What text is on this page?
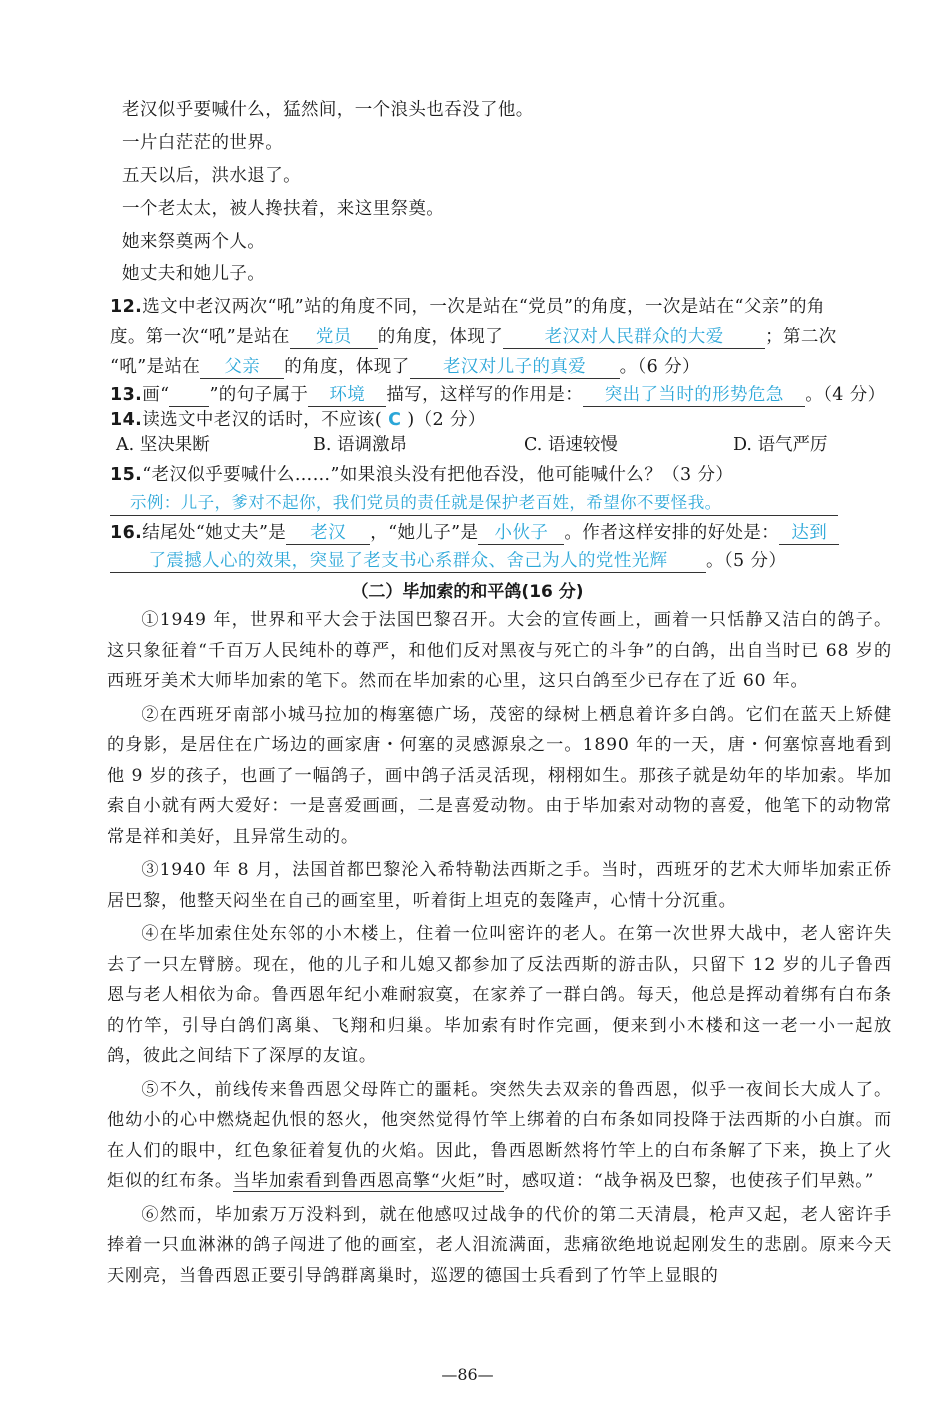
老汉似乎要喊什么，猛然间，一个浪头也吞没了他。
一片白茫茫的世界。
五天以后，洪水退了。
一个老太太，被人搀扶着，来这里祭奠。
她来祭奠两个人。
她丈夫和她儿子。
12.选文中老汉两次“吼”站的角度不同，一次是站在“党员”的角度，一次是站在“父亲”的角
度。第一次“吼”是站在 党员 的角度，体现了 老汉对人民群众的大爱 ；第二次
“吼”是站在 父亲 的角度，体现了 老汉对儿子的真爱 。（6 分）
13.画“ ”的句子属于 环境 描写，这样写的作用是： 突出了当时的形势危急 。（4 分）
14.读选文中老汉的话时，不应该( C )（2 分）
A. 坚决果断	B. 语调激昂	C. 语速较慢	D. 语气严厉
15.“老汉似乎要喊什么……”如果浪头没有把他吞没，他可能喊什么？（3 分）
示例：儿子，爹对不起你，我们党员的责任就是保护老百姓，希望你不要怪我。
16.结尾处“她丈夫”是 老汉 ，“她儿子”是 小伙子 。作者这样安排的好处是： 达到
了震撼人心的效果，突显了老支书心系群众、舍己为人的党性光辉 。（5 分）
（二）毕加索的和平鸽(16 分)

①1949 年，世界和平大会于法国巴黎召开。大会的宣传画上，画着一只恬静又洁白的鸽子。这只象征着“千百万人民纯朴的尊严，和他们反对黑夜与死亡的斗争”的白鸽，出自当时已 68 岁的西班牙美术大师毕加索的笔下。然而在毕加索的心里，这只白鸽至少已存在了近 60 年。

②在西班牙南部小城马拉加的梅塞德广场，茂密的绿树上栖息着许多白鸽。它们在蓝天上矫健的身影，是居住在广场边的画家唐・何塞的灵感源泉之一。1890 年的一天，唐・何塞惊喜地看到他 9 岁的孩子，也画了一幅鸽子，画中鸽子活灵活现，栩栩如生。那孩子就是幼年的毕加索。毕加索自小就有两大爱好：一是喜爱画画，二是喜爱动物。由于毕加索对动物的喜爱，他笔下的动物常常是祥和美好，且异常生动的。

③1940 年 8 月，法国首都巴黎沦入希特勒法西斯之手。当时，西班牙的艺术大师毕加索正侨居巴黎，他整天闷坐在自己的画室里，听着街上坦克的轰隆声，心情十分沉重。

④在毕加索住处东邻的小木楼上，住着一位叫密许的老人。在第一次世界大战中，老人密许失去了一只左臂膀。现在，他的儿子和儿媳又都参加了反法西斯的游击队，只留下 12 岁的儿子鲁西恩与老人相依为命。鲁西恩年纪小难耐寂寞，在家养了一群白鸽。每天，他总是挥动着绑有白布条的竹竿，引导白鸽们离巢、飞翔和归巢。毕加索有时作完画，便来到小木楼和这一老一小一起放鸽，彼此之间结下了深厚的友谊。

⑤不久，前线传来鲁西恩父母阵亡的噩耗。突然失去双亲的鲁西恩，似乎一夜间长大成人了。他幼小的心中燃烧起仇恨的怒火，他突然觉得竹竿上绑着的白布条如同投降于法西斯的小白旗。而在人们的眼中，红色象征着复仇的火焰。因此，鲁西恩断然将竹竿上的白布条解了下来，换上了火炬似的红布条。当毕加索看到鲁西恩高擎“火炬”时，感叹道：“战争祸及巴黎，也使孩子们早熟。”

⑥然而，毕加索万万没料到，就在他感叹过战争的代价的第二天清晨，枪声又起，老人密许手捧着一只血淋淋的鸽子闯进了他的画室，老人泪流满面，悲痛欲绝地说起刚发生的悲剧。原来今天天刚亮，当鲁西恩正要引导鸽群离巢时，巡逻的德国士兵看到了竹竿上显眼的

—86—
